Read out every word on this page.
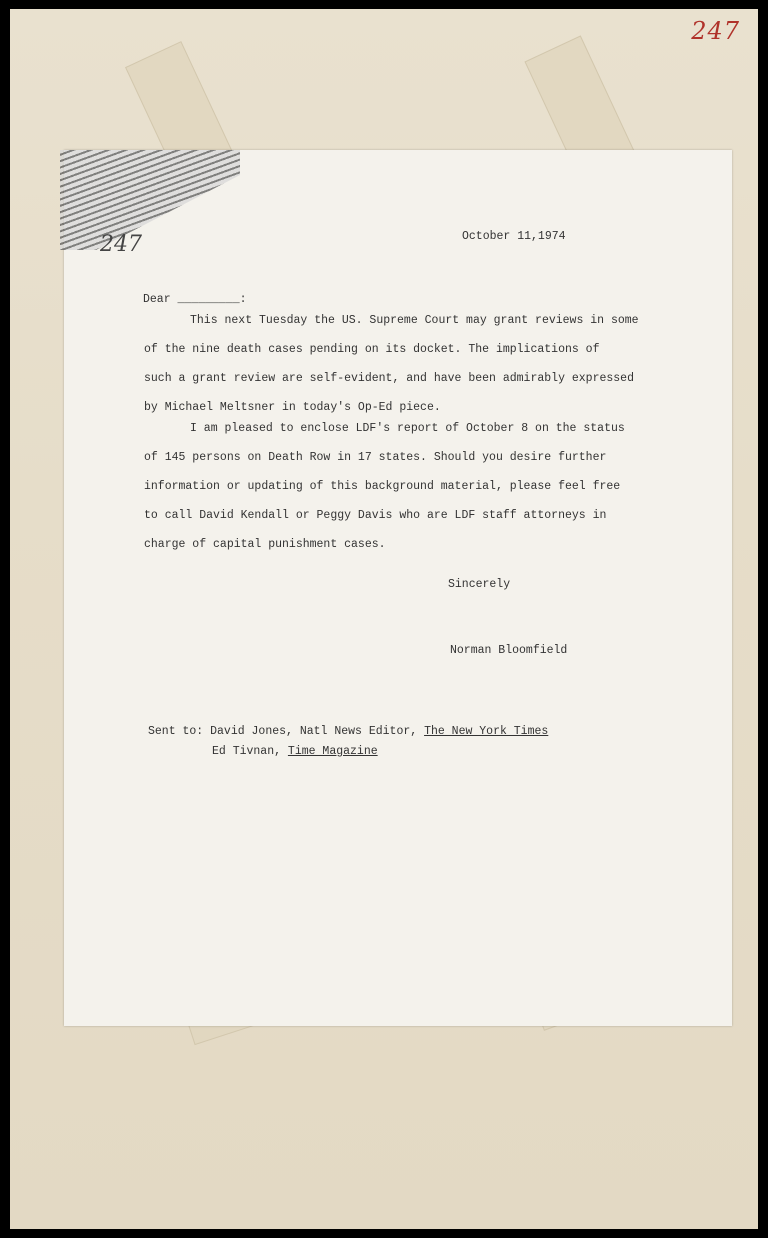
247
247	October 11,1974
Dear _________:
This next Tuesday the US. Supreme Court may grant reviews in some
of the nine death cases pending on its docket. The implications of
such a grant review are self-evident, and have been admirably expressed
by Michael Meltsner in today's Op-Ed piece.
I am pleased to enclose LDF's report of October 8 on the status
of 145 persons on Death Row in 17 states. Should you desire further
information or updating of this background material, please feel free
to call David Kendall or Peggy Davis who are LDF staff attorneys in
charge of capital punishment cases.
Sincerely
Norman Bloomfield
Sent to: David Jones, Natl News Editor, The New York Times
Ed Tivnan, Time Magazine
